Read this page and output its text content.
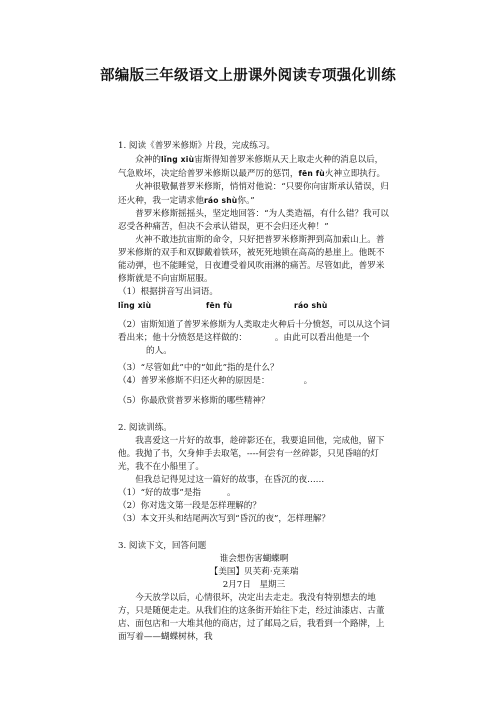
部编版三年级语文上册课外阅读专项强化训练

1. 阅读《普罗米修斯》片段，完成练习。

众神的lǐng xiù宙斯得知普罗米修斯从天上取走火种的消息以后，气急败坏，决定给普罗米修斯以最严厉的惩罚，fēn fù火神立即执行。

火神很敬佩普罗米修斯，悄悄对他说：“只要你向宙斯承认错误，归还火种，我一定请求他ráo shù你。”

普罗米修斯摇摇头，坚定地回答：“为人类造福，有什么错？我可以忍受各种痛苦，但决不会承认错误，更不会归还火种！”

火神不敢违抗宙斯的命令，只好把普罗米修斯押到高加索山上。普罗米修斯的双手和双脚戴着铁环，被死死地锁在高高的悬崖上。他既不能动弹，也不能睡觉，日夜遭受着风吹雨淋的痛苦。尽管如此，普罗米修斯就是不向宙斯屈服。

（1）根据拼音写出词语。

lǐng xiù	fēn fù	ráo shù

（2）宙斯知道了普罗米修斯为人类取走火种后十分愤怒，可以从这个词看出来；他十分愤怒是这样做的：	。由此可以看出他是一个的人。

（3）“尽管如此”中的“如此”指的是什么？

（4）普罗米修斯不归还火种的原因是：	。

（5）你最欣赏普罗米修斯的哪些精神？

2. 阅读训练。

我喜爱这一片好的故事，趁碎影还在，我要追回他，完成他，留下他。我抛了书，欠身伸手去取笔，----何尝有一丝碎影，只见昏暗的灯光，我不在小船里了。

但我总记得见过这一篇好的故事，在昏沉的夜……

（1）“好的故事”是指	。

（2）你对选文第一段是怎样理解的？

（3）本文开头和结尾两次写到“昏沉的夜”，怎样理解？

3. 阅读下文，回答问题

谁会想伤害蝴蝶啊

【美国】贝芙莉·克莱瑞

2月7日　星期三

今天放学以后，心情很坏，决定出去走走。我没有特别想去的地方，只是随便走走。从我们住的这条街开始往下走，经过油漆店、古董店、面包店和一大堆其他的商店，过了邮局之后，我看到一个路牌，上面写着——蝴蝶树林，我
